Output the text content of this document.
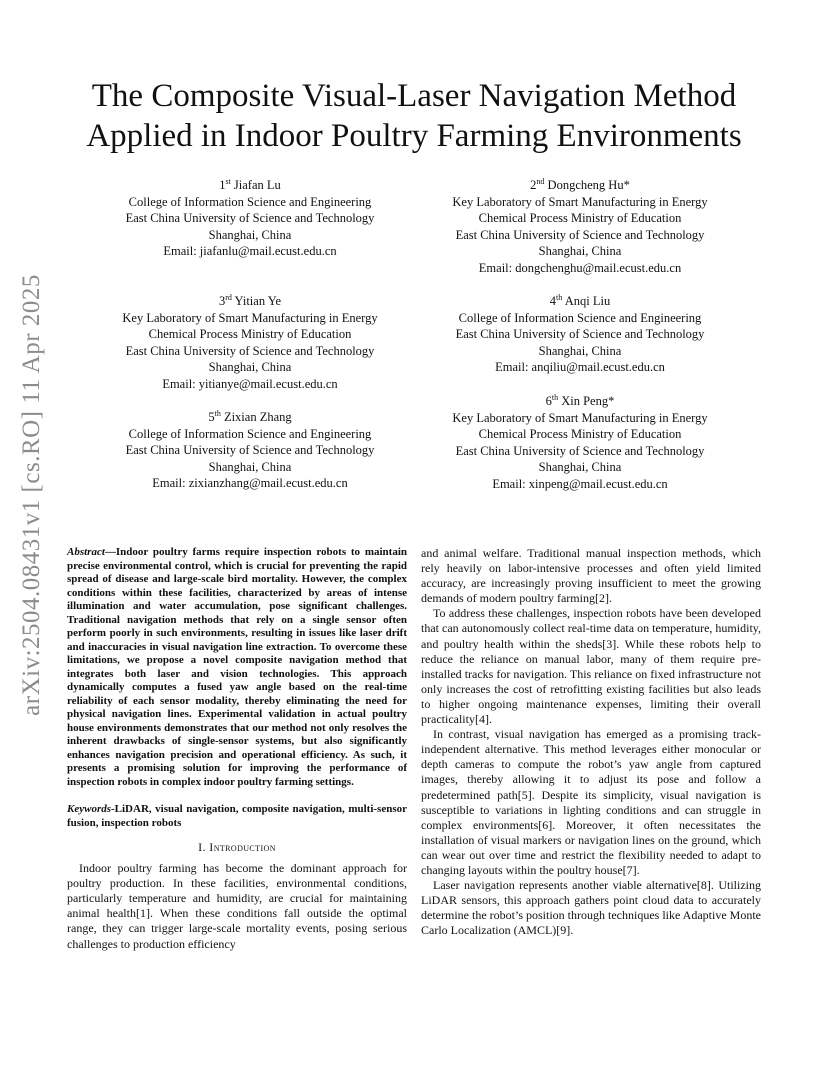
arXiv:2504.08431v1 [cs.RO] 11 Apr 2025
The Composite Visual-Laser Navigation Method
Applied in Indoor Poultry Farming Environments
1st Jiafan Lu
College of Information Science and Engineering
East China University of Science and Technology
Shanghai, China
Email: jiafanlu@mail.ecust.edu.cn
2nd Dongcheng Hu*
Key Laboratory of Smart Manufacturing in Energy
Chemical Process Ministry of Education
East China University of Science and Technology
Shanghai, China
Email: dongchenghu@mail.ecust.edu.cn
3rd Yitian Ye
Key Laboratory of Smart Manufacturing in Energy
Chemical Process Ministry of Education
East China University of Science and Technology
Shanghai, China
Email: yitianye@mail.ecust.edu.cn
4th Anqi Liu
College of Information Science and Engineering
East China University of Science and Technology
Shanghai, China
Email: anqiliu@mail.ecust.edu.cn
5th Zixian Zhang
College of Information Science and Engineering
East China University of Science and Technology
Shanghai, China
Email: zixianzhang@mail.ecust.edu.cn
6th Xin Peng*
Key Laboratory of Smart Manufacturing in Energy
Chemical Process Ministry of Education
East China University of Science and Technology
Shanghai, China
Email: xinpeng@mail.ecust.edu.cn

Abstract—Indoor poultry farms require inspection robots to maintain precise environmental control, which is crucial for preventing the rapid spread of disease and large-scale bird mortality. However, the complex conditions within these facilities, characterized by areas of intense illumination and water accumulation, pose significant challenges. Traditional navigation methods that rely on a single sensor often perform poorly in such environments, resulting in issues like laser drift and inaccuracies in visual navigation line extraction. To overcome these limitations, we propose a novel composite navigation method that integrates both laser and vision technologies. This approach dynamically computes a fused yaw angle based on the real-time reliability of each sensor modality, thereby eliminating the need for physical navigation lines. Experimental validation in actual poultry house environments demonstrates that our method not only resolves the inherent drawbacks of single-sensor systems, but also significantly enhances navigation precision and operational efficiency. As such, it presents a promising solution for improving the performance of inspection robots in complex indoor poultry farming settings.

Keywords-LiDAR, visual navigation, composite navigation, multi-sensor fusion, inspection robots

I. Introduction

Indoor poultry farming has become the dominant approach for poultry production. In these facilities, environmental conditions, particularly temperature and humidity, are crucial for maintaining animal health[1]. When these conditions fall outside the optimal range, they can trigger large-scale mortality events, posing serious challenges to production efficiency

and animal welfare. Traditional manual inspection methods, which rely heavily on labor-intensive processes and often yield limited accuracy, are increasingly proving insufficient to meet the growing demands of modern poultry farming[2].

To address these challenges, inspection robots have been developed that can autonomously collect real-time data on temperature, humidity, and poultry health within the sheds[3]. While these robots help to reduce the reliance on manual labor, many of them require pre-installed tracks for navigation. This reliance on fixed infrastructure not only increases the cost of retrofitting existing facilities but also leads to higher ongoing maintenance expenses, limiting their overall practicality[4].

In contrast, visual navigation has emerged as a promising track-independent alternative. This method leverages either monocular or depth cameras to compute the robot’s yaw angle from captured images, thereby allowing it to adjust its pose and follow a predetermined path[5]. Despite its simplicity, visual navigation is susceptible to variations in lighting conditions and can struggle in complex environments[6]. Moreover, it often necessitates the installation of visual markers or navigation lines on the ground, which can wear out over time and restrict the flexibility needed to adapt to changing layouts within the poultry house[7].

Laser navigation represents another viable alternative[8]. Utilizing LiDAR sensors, this approach gathers point cloud data to accurately determine the robot’s position through techniques like Adaptive Monte Carlo Localization (AMCL)[9].
